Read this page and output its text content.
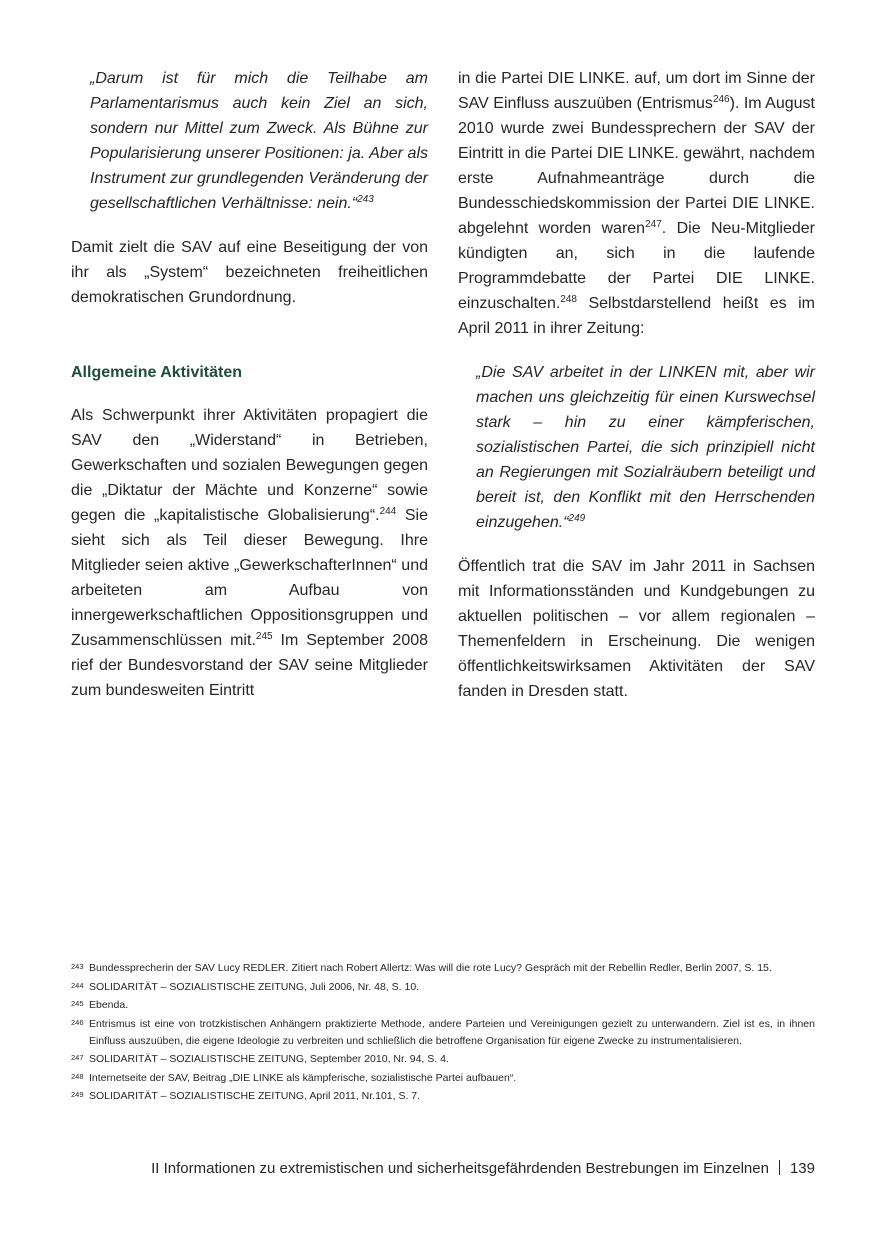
„Darum ist für mich die Teilhabe am Parlamentarismus auch kein Ziel an sich, sondern nur Mittel zum Zweck. Als Bühne zur Popularisierung unserer Positionen: ja. Aber als Instrument zur grundlegenden Veränderung der gesellschaftlichen Verhältnisse: nein.“$^{243}$

Damit zielt die SAV auf eine Beseitigung der von ihr als „System“ bezeichneten freiheitlichen demokratischen Grundordnung.

Allgemeine Aktivitäten

Als Schwerpunkt ihrer Aktivitäten propagiert die SAV den „Widerstand“ in Betrieben, Gewerkschaften und sozialen Bewegungen gegen die „Diktatur der Mächte und Konzerne“ sowie gegen die „kapitalistische Globalisierung“.$^{244}$ Sie sieht sich als Teil dieser Bewegung. Ihre Mitglieder seien aktive „GewerkschafterInnen“ und arbeiteten am Aufbau von innergewerkschaftlichen Oppositionsgruppen und Zusammenschlüssen mit.$^{245}$ Im September 2008 rief der Bundesvorstand der SAV seine Mitglieder zum bundesweiten Eintritt

in die Partei DIE LINKE. auf, um dort im Sinne der SAV Einfluss auszuüben (Entrismus$^{246}$). Im August 2010 wurde zwei Bundessprechern der SAV der Eintritt in die Partei DIE LINKE. gewährt, nachdem erste Aufnahmeanträge durch die Bundesschiedskommission der Partei DIE LINKE. abgelehnt worden waren$^{247}$. Die Neu-Mitglieder kündigten an, sich in die laufende Programmdebatte der Partei DIE LINKE. einzuschalten.$^{248}$ Selbstdarstellend heißt es im April 2011 in ihrer Zeitung:

„Die SAV arbeitet in der LINKEN mit, aber wir machen uns gleichzeitig für einen Kurswechsel stark – hin zu einer kämpferischen, sozialistischen Partei, die sich prinzipiell nicht an Regierungen mit Sozialräubern beteiligt und bereit ist, den Konflikt mit den Herrschenden einzugehen.“$^{249}$

Öffentlich trat die SAV im Jahr 2011 in Sachsen mit Informationsständen und Kundgebungen zu aktuellen politischen – vor allem regionalen – Themenfeldern in Erscheinung. Die wenigen öffentlichkeitswirksamen Aktivitäten der SAV fanden in Dresden statt.

243 Bundessprecherin der SAV Lucy REDLER. Zitiert nach Robert Allertz: Was will die rote Lucy? Gespräch mit der Rebellin Redler, Berlin 2007, S. 15.
244 SOLIDARITÄT – SOZIALISTISCHE ZEITUNG, Juli 2006, Nr. 48, S. 10.
245 Ebenda.
246 Entrismus ist eine von trotzkistischen Anhängern praktizierte Methode, andere Parteien und Vereinigungen gezielt zu unterwandern. Ziel ist es, in ihnen Einfluss auszuüben, die eigene Ideologie zu verbreiten und schließlich die betroffene Organisation für eigene Zwecke zu instrumentalisieren.
247 SOLIDARITÄT – SOZIALISTISCHE ZEITUNG, September 2010, Nr. 94, S. 4.
248 Internetseite der SAV, Beitrag „DIE LINKE als kämpferische, sozialistische Partei aufbauen“.
249 SOLIDARITÄT – SOZIALISTISCHE ZEITUNG, April 2011, Nr.101, S. 7.
II Informationen zu extremistischen und sicherheitsgefährdenden Bestrebungen im Einzelnen 139
